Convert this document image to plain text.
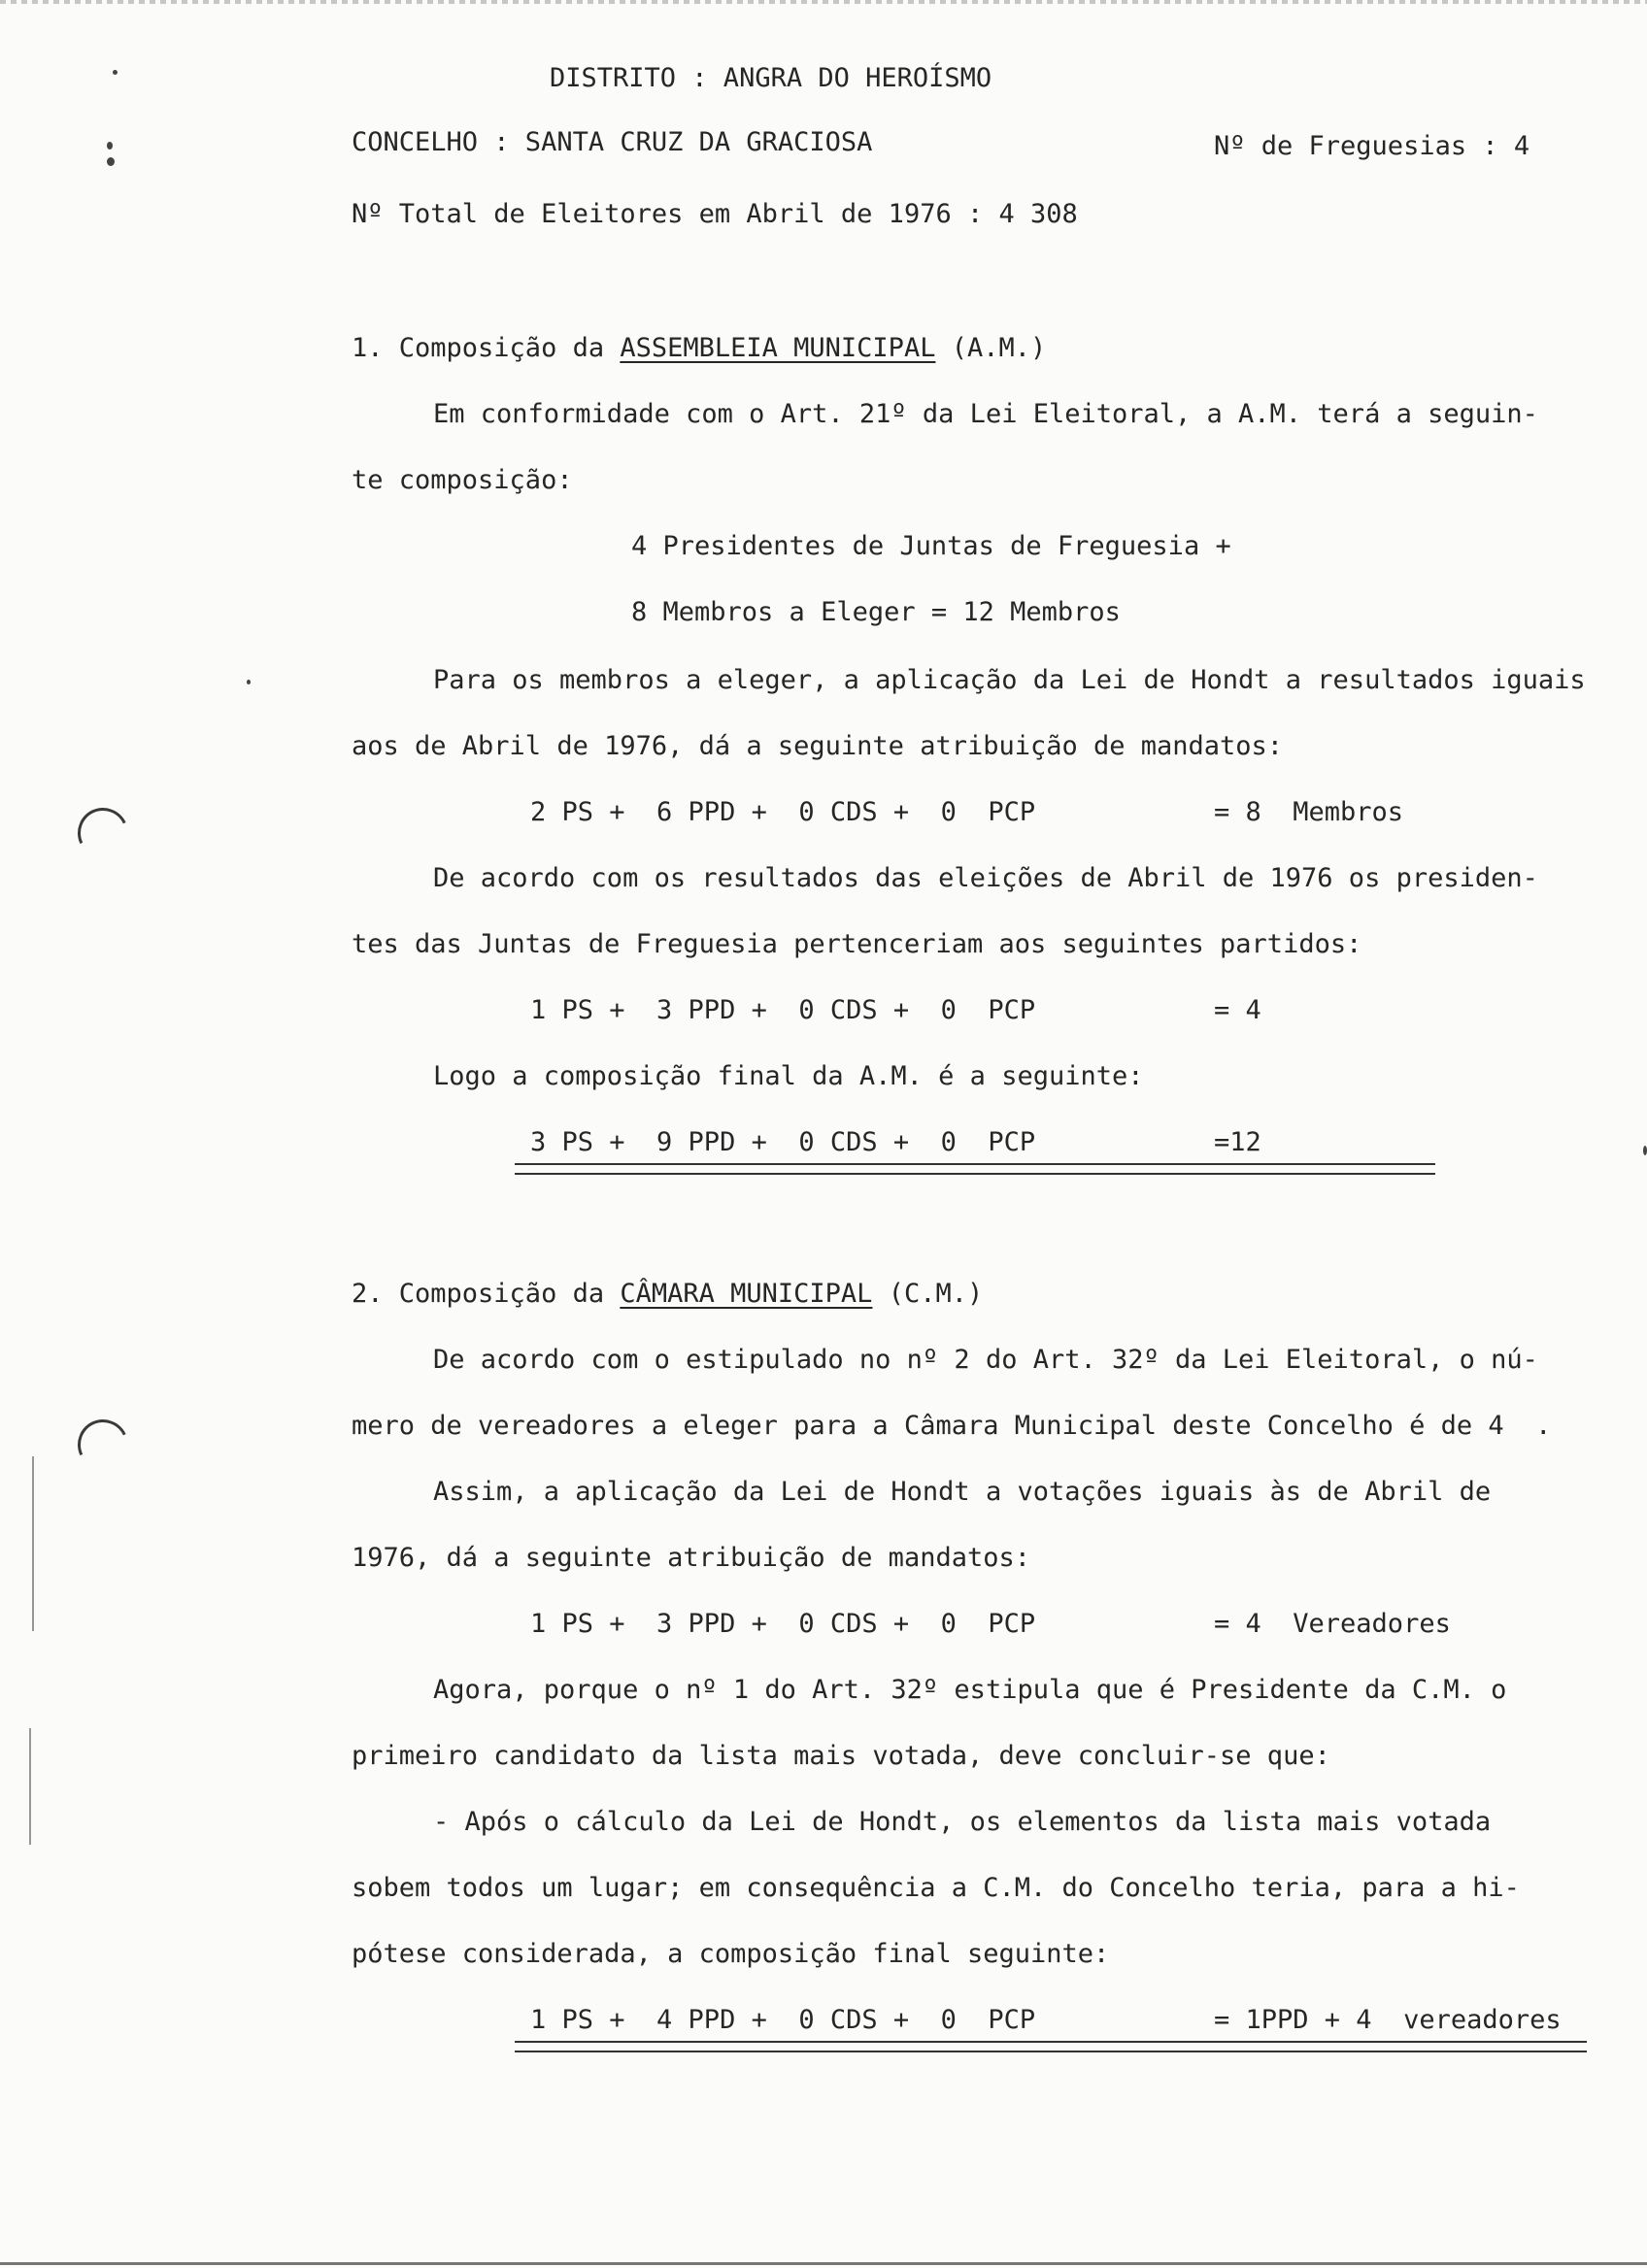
DISTRITO : ANGRA DO HEROÍSMO
CONCELHO : SANTA CRUZ DA GRACIOSA	Nº de Freguesias : 4
Nº Total de Eleitores em Abril de 1976 : 4 308
1. Composição da ASSEMBLEIA MUNICIPAL (A.M.)
Em conformidade com o Art. 21º da Lei Eleitoral, a A.M. terá a seguin-
te composição:
4 Presidentes de Juntas de Freguesia +
8 Membros a Eleger = 12 Membros
Para os membros a eleger, a aplicação da Lei de Hondt a resultados iguais
aos de Abril de 1976, dá a seguinte atribuição de mandatos:
2 PS +  6 PPD +  0 CDS +  0  PCP	= 8  Membros
De acordo com os resultados das eleições de Abril de 1976 os presiden-
tes das Juntas de Freguesia pertenceriam aos seguintes partidos:
1 PS +  3 PPD +  0 CDS +  0  PCP	= 4
Logo a composição final da A.M. é a seguinte:
3 PS +  9 PPD +  0 CDS +  0  PCP	=12
2. Composição da CÂMARA MUNICIPAL (C.M.)
De acordo com o estipulado no nº 2 do Art. 32º da Lei Eleitoral, o nú-
mero de vereadores a eleger para a Câmara Municipal deste Concelho é de 4  .
Assim, a aplicação da Lei de Hondt a votações iguais às de Abril de
1976, dá a seguinte atribuição de mandatos:
1 PS +  3 PPD +  0 CDS +  0  PCP	= 4  Vereadores
Agora, porque o nº 1 do Art. 32º estipula que é Presidente da C.M. o
primeiro candidato da lista mais votada, deve concluir-se que:
- Após o cálculo da Lei de Hondt, os elementos da lista mais votada
sobem todos um lugar; em consequência a C.M. do Concelho teria, para a hi-
pótese considerada, a composição final seguinte:
1 PS +  4 PPD +  0 CDS +  0  PCP	= 1PPD + 4  vereadores
